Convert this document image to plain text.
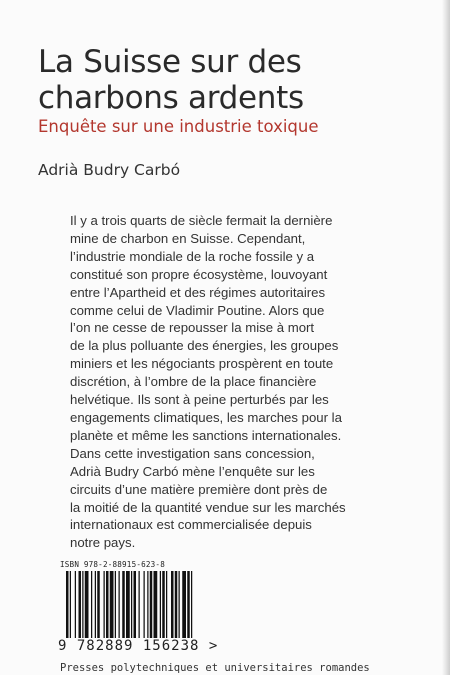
La Suisse sur des
charbons ardents
Enquête sur une industrie toxique
Adrià Budry Carbó
Il y a trois quarts de siècle fermait la dernière
mine de charbon en Suisse. Cependant,
l’industrie mondiale de la roche fossile y a
constitué son propre écosystème, louvoyant
entre l’Apartheid et des régimes autoritaires
comme celui de Vladimir Poutine. Alors que
l’on ne cesse de repousser la mise à mort
de la plus polluante des énergies, les groupes
miniers et les négociants prospèrent en toute
discrétion, à l’ombre de la place financière
helvétique. Ils sont à peine perturbés par les
engagements climatiques, les marches pour la
planète et même les sanctions internationales.
Dans cette investigation sans concession,
Adrià Budry Carbó mène l’enquête sur les
circuits d’une matière première dont près de
la moitié de la quantité vendue sur les marchés
internationaux est commercialisée depuis
notre pays.
ISBN 978-2-88915-623-8
9 782889 156238 >
Presses polytechniques et universitaires romandes
